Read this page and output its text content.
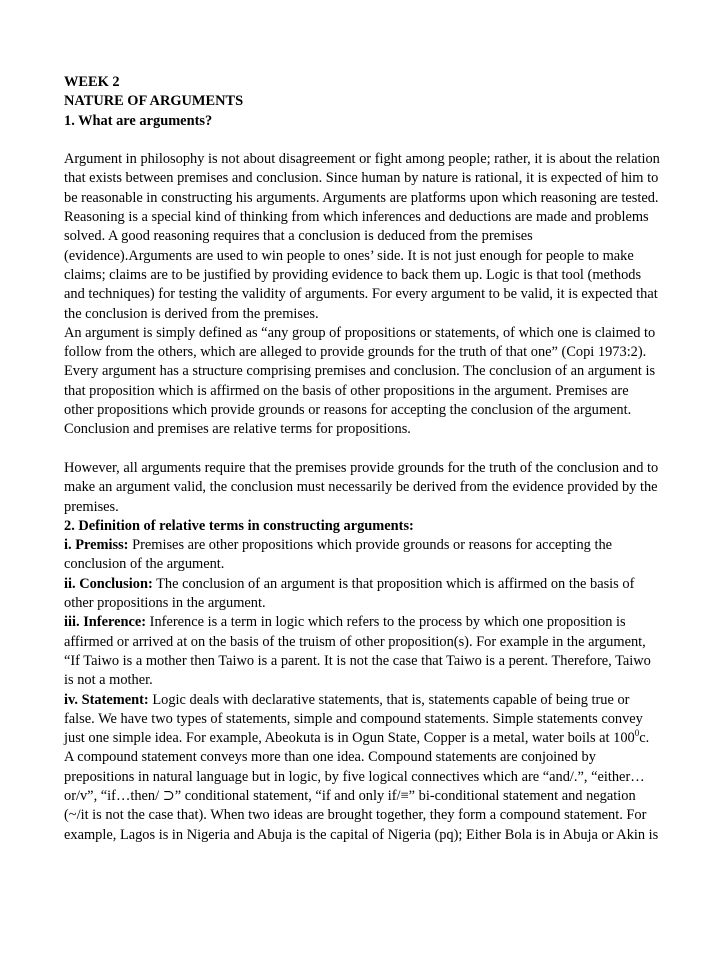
WEEK 2

NATURE OF ARGUMENTS

1. What are arguments?

Argument in philosophy is not about disagreement or fight among people; rather, it is about the relation that exists between premises and conclusion. Since human by nature is rational, it is expected of him to be reasonable in constructing his arguments. Arguments are platforms upon which reasoning are tested. Reasoning is a special kind of thinking from which inferences and deductions are made and problems solved. A good reasoning requires that a conclusion is deduced from the premises (evidence).Arguments are used to win people to ones’ side. It is not just enough for people to make claims; claims are to be justified by providing evidence to back them up. Logic is that tool (methods and techniques) for testing the validity of arguments. For every argument to be valid, it is expected that the conclusion is derived from the premises.

An argument is simply defined as “any group of propositions or statements, of which one is claimed to follow from the others, which are alleged to provide grounds for the truth of that one” (Copi 1973:2). Every argument has a structure comprising premises and conclusion. The conclusion of an argument is that proposition which is affirmed on the basis of other propositions in the argument. Premises are other propositions which provide grounds or reasons for accepting the conclusion of the argument. Conclusion and premises are relative terms for propositions.

However, all arguments require that the premises provide grounds for the truth of the conclusion and to make an argument valid, the conclusion must necessarily be derived from the evidence provided by the premises.

2. Definition of relative terms in constructing arguments:

i. Premiss: Premises are other propositions which provide grounds or reasons for accepting the conclusion of the argument.

ii. Conclusion: The conclusion of an argument is that proposition which is affirmed on the basis of other propositions in the argument.

iii. Inference: Inference is a term in logic which refers to the process by which one proposition is affirmed or arrived at on the basis of the truism of other proposition(s). For example in the argument, “If Taiwo is a mother then Taiwo is a parent. It is not the case that Taiwo is a perent. Therefore, Taiwo is not a mother.

iv. Statement: Logic deals with declarative statements, that is, statements capable of being true or false. We have two types of statements, simple and compound statements. Simple statements convey just one simple idea. For example, Abeokuta is in Ogun State, Copper is a metal, water boils at $100^0c$. A compound statement conveys more than one idea. Compound statements are conjoined by prepositions in natural language but in logic, by five logical connectives which are “and/.”, “either…or/v”, “if…then/ ⊃” conditional statement, “if and only if/≡” bi-conditional statement and negation (~/it is not the case that). When two ideas are brought together, they form a compound statement. For example, Lagos is in Nigeria and Abuja is the capital of Nigeria (pq); Either Bola is in Abuja or Akin is
